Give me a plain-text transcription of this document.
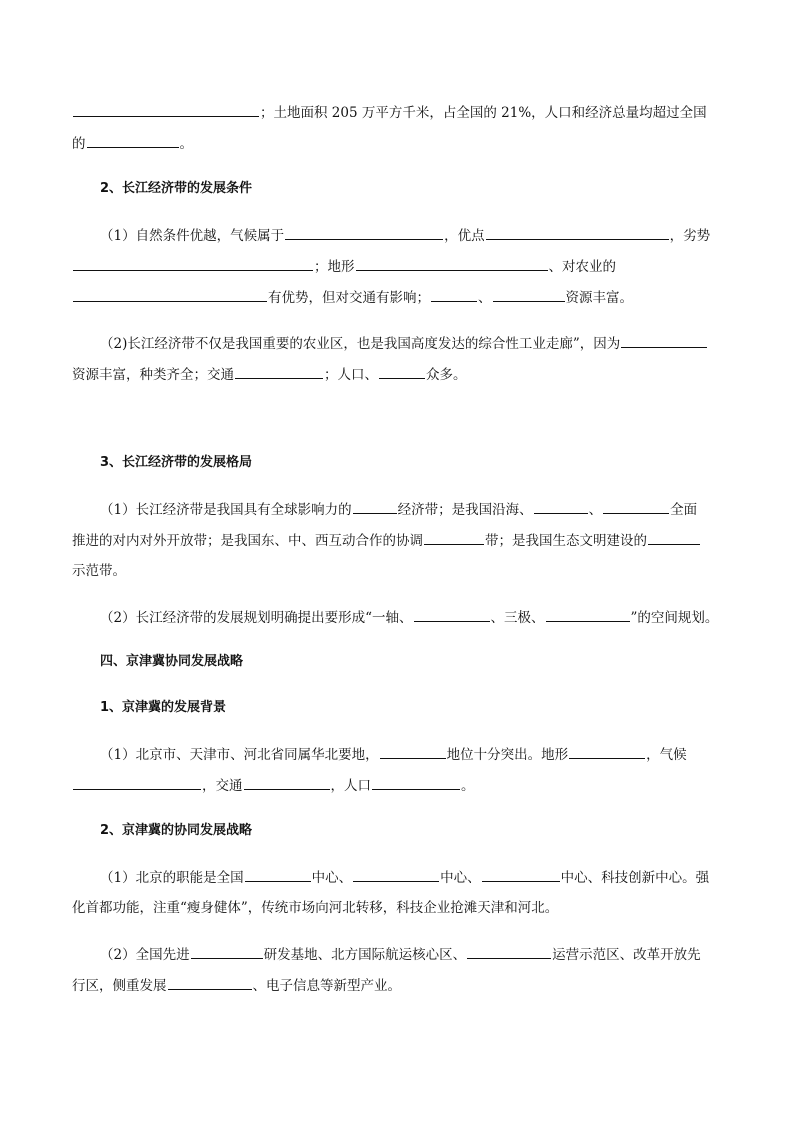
；土地面积 205 万平方千米，占全国的 21%，人口和经济总量均超过全国
的	。
2、长江经济带的发展条件
（1）自然条件优越，气候属于	，优点	，劣势
；地形	、对农业的
有优势，但对交通有影响；	、	资源丰富。
（2)长江经济带不仅是我国重要的农业区，也是我国高度发达的综合性工业走廊”，因为
资源丰富，种类齐全；交通	；人口、	众多。
3、长江经济带的发展格局
（1）长江经济带是我国具有全球影响力的	经济带；是我国沿海、	、	全面
推进的对内对外开放带；是我国东、中、西互动合作的协调	带；是我国生态文明建设的
示范带。
（2）长江经济带的发展规划明确提出要形成“一轴、	、三极、	”的空间规划。
四、京津冀协同发展战略
1、京津冀的发展背景
（1）北京市、天津市、河北省同属华北要地，	地位十分突出。地形	，气候
，交通	，人口	。
2、京津冀的协同发展战略
（1）北京的职能是全国	中心、	中心、	中心、科技创新中心。强
化首都功能，注重“瘦身健体”，传统市场向河北转移，科技企业抢滩天津和河北。
（2）全国先进	研发基地、北方国际航运核心区、	运营示范区、改革开放先
行区，侧重发展	、电子信息等新型产业。
